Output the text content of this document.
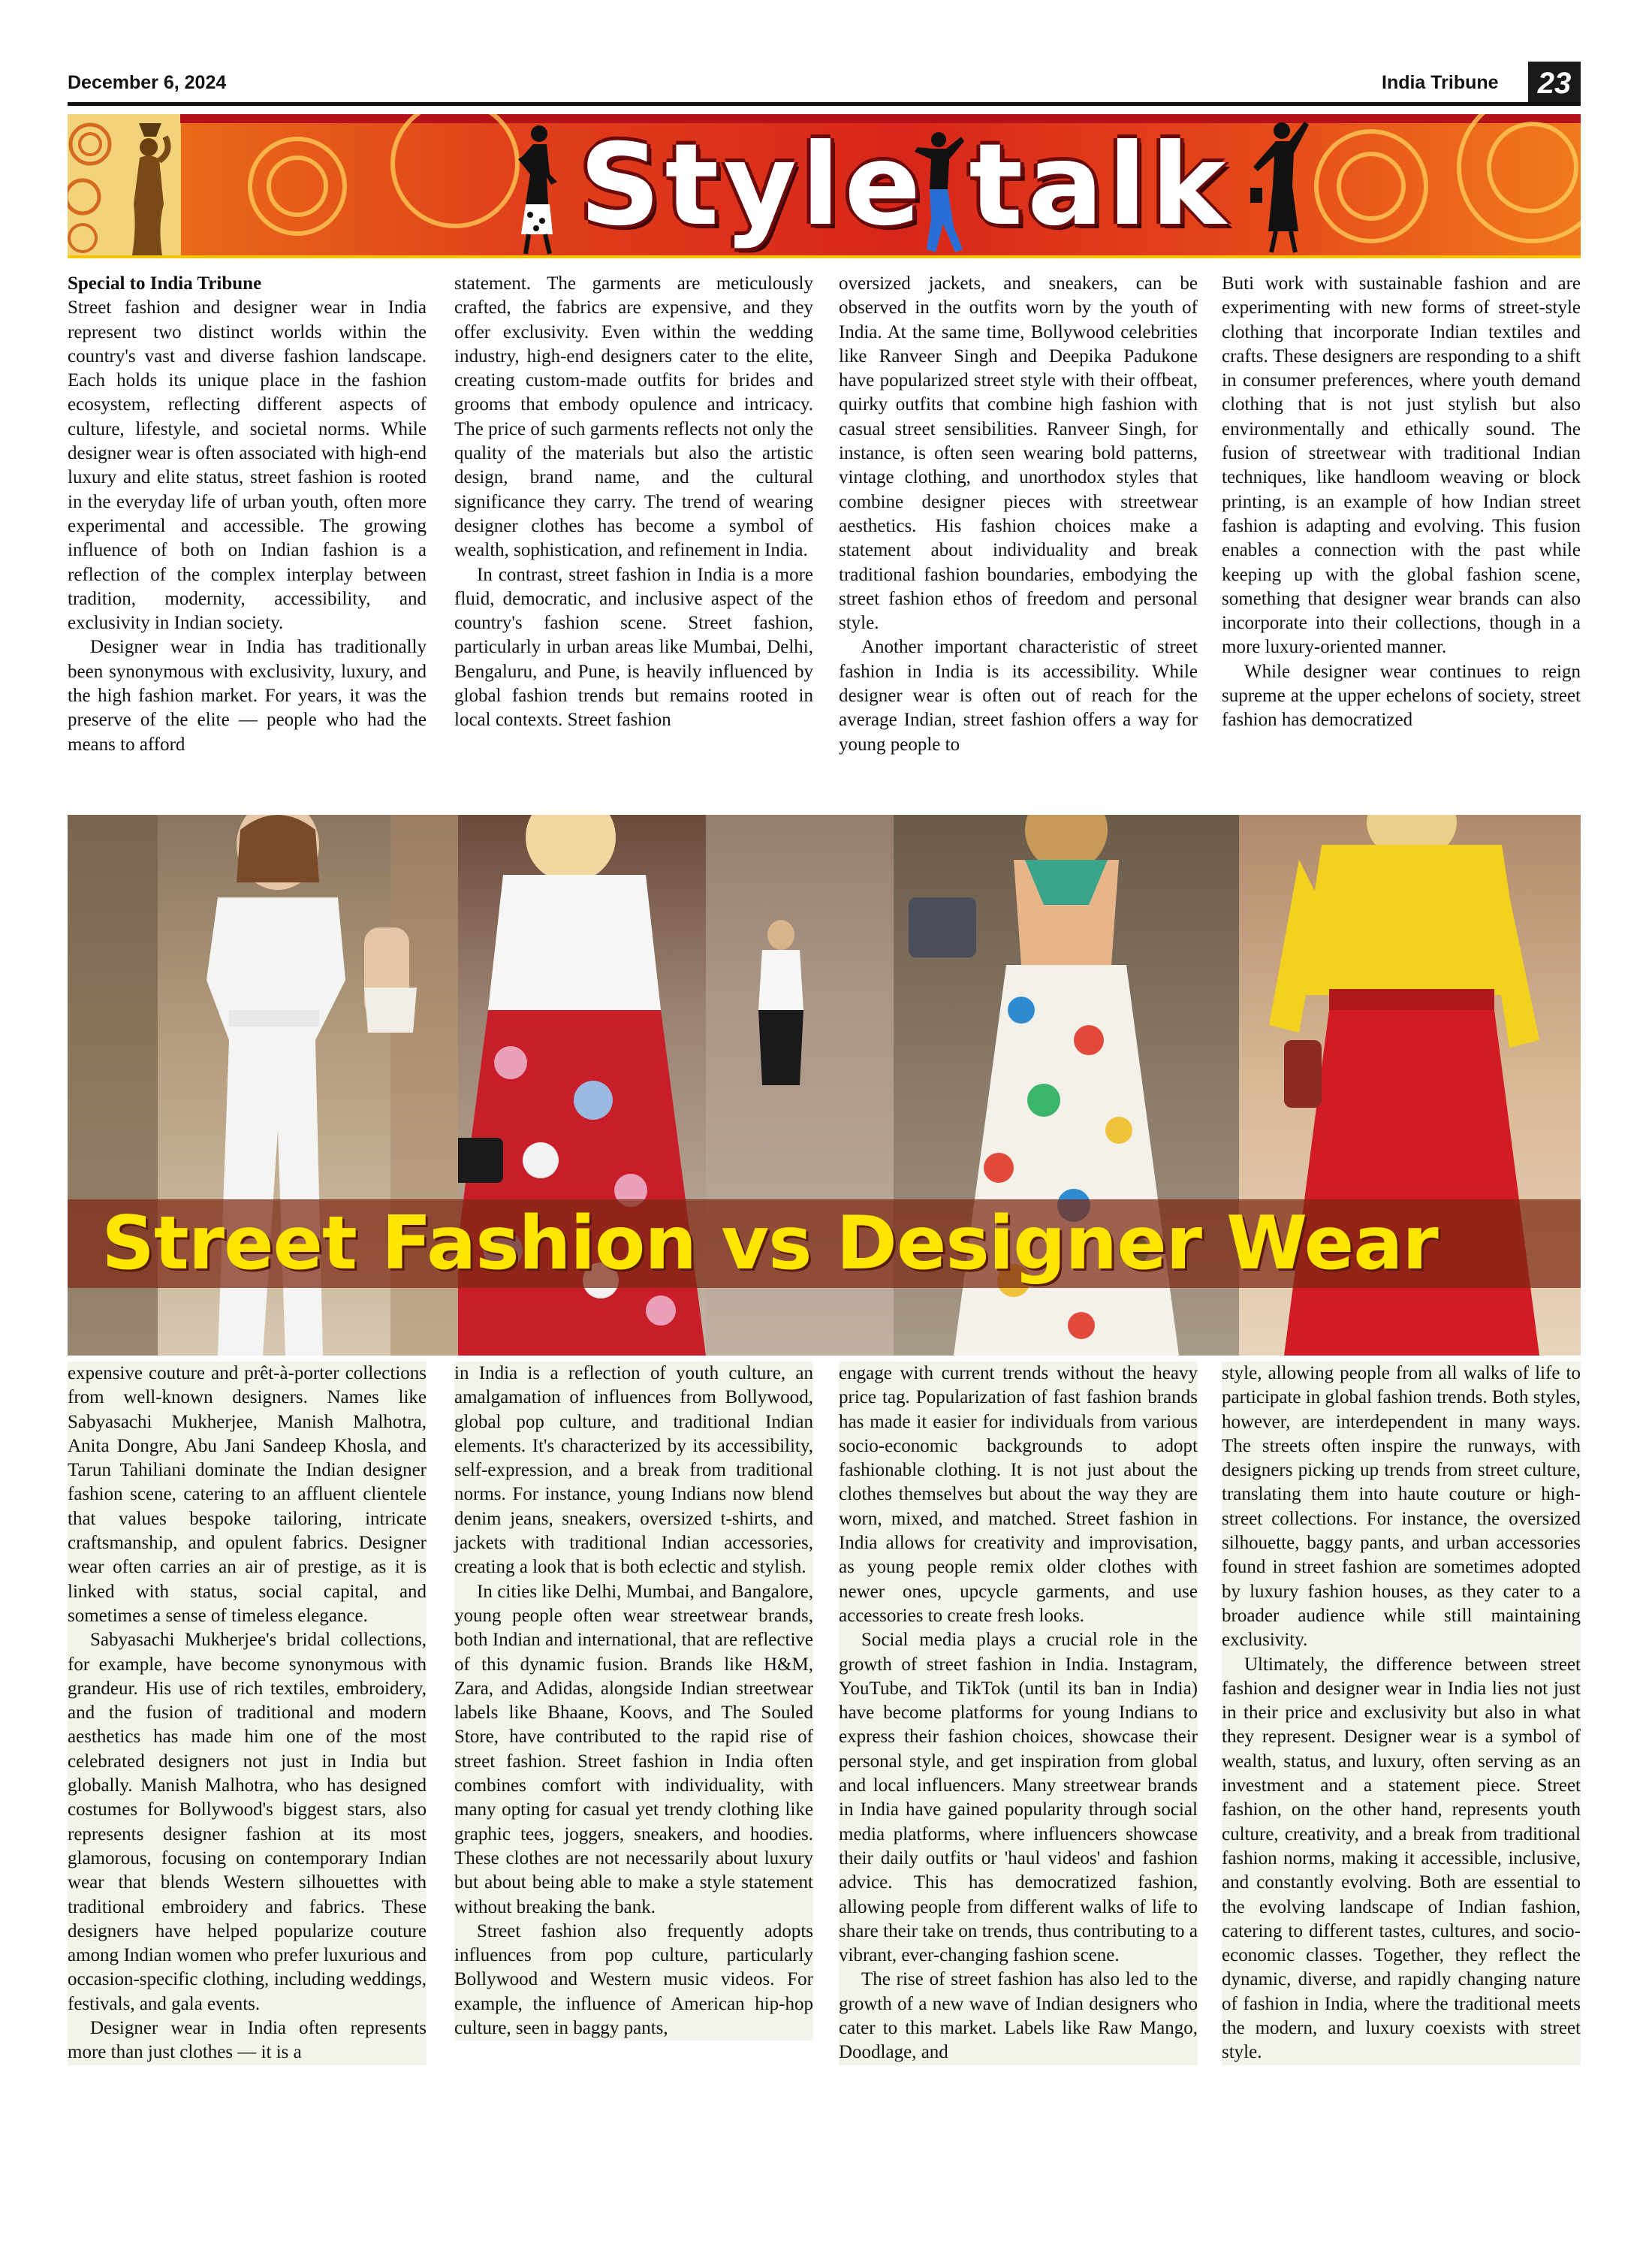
December 6, 2024	India Tribune	23
Style talk

Special to India Tribune

Street fashion and designer wear in India represent two distinct worlds within the country's vast and diverse fashion landscape. Each holds its unique place in the fashion ecosystem, reflecting different aspects of culture, lifestyle, and societal norms. While designer wear is often associated with high-end luxury and elite status, street fashion is rooted in the everyday life of urban youth, often more experimental and accessible. The growing influence of both on Indian fashion is a reflection of the complex interplay between tradition, modernity, accessibility, and exclusivity in Indian society.

Designer wear in India has traditionally been synonymous with exclusivity, luxury, and the high fashion market. For years, it was the preserve of the elite — people who had the means to afford

statement. The garments are meticulously crafted, the fabrics are expensive, and they offer exclusivity. Even within the wedding industry, high-end designers cater to the elite, creating custom-made outfits for brides and grooms that embody opulence and intricacy. The price of such garments reflects not only the quality of the materials but also the artistic design, brand name, and the cultural significance they carry. The trend of wearing designer clothes has become a symbol of wealth, sophistication, and refinement in India.

In contrast, street fashion in India is a more fluid, democratic, and inclusive aspect of the country's fashion scene. Street fashion, particularly in urban areas like Mumbai, Delhi, Bengaluru, and Pune, is heavily influenced by global fashion trends but remains rooted in local contexts. Street fashion

oversized jackets, and sneakers, can be observed in the outfits worn by the youth of India. At the same time, Bollywood celebrities like Ranveer Singh and Deepika Padukone have popularized street style with their offbeat, quirky outfits that combine high fashion with casual street sensibilities. Ranveer Singh, for instance, is often seen wearing bold patterns, vintage clothing, and unorthodox styles that combine designer pieces with streetwear aesthetics. His fashion choices make a statement about individuality and break traditional fashion boundaries, embodying the street fashion ethos of freedom and personal style.

Another important characteristic of street fashion in India is its accessibility. While designer wear is often out of reach for the average Indian, street fashion offers a way for young people to

Buti work with sustainable fashion and are experimenting with new forms of street-style clothing that incorporate Indian textiles and crafts. These designers are responding to a shift in consumer preferences, where youth demand clothing that is not just stylish but also environmentally and ethically sound. The fusion of streetwear with traditional Indian techniques, like handloom weaving or block printing, is an example of how Indian street fashion is adapting and evolving. This fusion enables a connection with the past while keeping up with the global fashion scene, something that designer wear brands can also incorporate into their collections, though in a more luxury-oriented manner.

While designer wear continues to reign supreme at the upper echelons of society, street fashion has democratized

Street Fashion vs Designer Wear

expensive couture and prêt-à-porter collections from well-known designers. Names like Sabyasachi Mukherjee, Manish Malhotra, Anita Dongre, Abu Jani Sandeep Khosla, and Tarun Tahiliani dominate the Indian designer fashion scene, catering to an affluent clientele that values bespoke tailoring, intricate craftsmanship, and opulent fabrics. Designer wear often carries an air of prestige, as it is linked with status, social capital, and sometimes a sense of timeless elegance.

Sabyasachi Mukherjee's bridal collections, for example, have become synonymous with grandeur. His use of rich textiles, embroidery, and the fusion of traditional and modern aesthetics has made him one of the most celebrated designers not just in India but globally. Manish Malhotra, who has designed costumes for Bollywood's biggest stars, also represents designer fashion at its most glamorous, focusing on contemporary Indian wear that blends Western silhouettes with traditional embroidery and fabrics. These designers have helped popularize couture among Indian women who prefer luxurious and occasion-specific clothing, including weddings, festivals, and gala events.

Designer wear in India often represents more than just clothes — it is a

in India is a reflection of youth culture, an amalgamation of influences from Bollywood, global pop culture, and traditional Indian elements. It's characterized by its accessibility, self-expression, and a break from traditional norms. For instance, young Indians now blend denim jeans, sneakers, oversized t-shirts, and jackets with traditional Indian accessories, creating a look that is both eclectic and stylish.

In cities like Delhi, Mumbai, and Bangalore, young people often wear streetwear brands, both Indian and international, that are reflective of this dynamic fusion. Brands like H&M, Zara, and Adidas, alongside Indian streetwear labels like Bhaane, Koovs, and The Souled Store, have contributed to the rapid rise of street fashion. Street fashion in India often combines comfort with individuality, with many opting for casual yet trendy clothing like graphic tees, joggers, sneakers, and hoodies. These clothes are not necessarily about luxury but about being able to make a style statement without breaking the bank.

Street fashion also frequently adopts influences from pop culture, particularly Bollywood and Western music videos. For example, the influence of American hip-hop culture, seen in baggy pants,

engage with current trends without the heavy price tag. Popularization of fast fashion brands has made it easier for individuals from various socio-economic backgrounds to adopt fashionable clothing. It is not just about the clothes themselves but about the way they are worn, mixed, and matched. Street fashion in India allows for creativity and improvisation, as young people remix older clothes with newer ones, upcycle garments, and use accessories to create fresh looks.

Social media plays a crucial role in the growth of street fashion in India. Instagram, YouTube, and TikTok (until its ban in India) have become platforms for young Indians to express their fashion choices, showcase their personal style, and get inspiration from global and local influencers. Many streetwear brands in India have gained popularity through social media platforms, where influencers showcase their daily outfits or 'haul videos' and fashion advice. This has democratized fashion, allowing people from different walks of life to share their take on trends, thus contributing to a vibrant, ever-changing fashion scene.

The rise of street fashion has also led to the growth of a new wave of Indian designers who cater to this market. Labels like Raw Mango, Doodlage, and

style, allowing people from all walks of life to participate in global fashion trends. Both styles, however, are interdependent in many ways. The streets often inspire the runways, with designers picking up trends from street culture, translating them into haute couture or high-street collections. For instance, the oversized silhouette, baggy pants, and urban accessories found in street fashion are sometimes adopted by luxury fashion houses, as they cater to a broader audience while still maintaining exclusivity.

Ultimately, the difference between street fashion and designer wear in India lies not just in their price and exclusivity but also in what they represent. Designer wear is a symbol of wealth, status, and luxury, often serving as an investment and a statement piece. Street fashion, on the other hand, represents youth culture, creativity, and a break from traditional fashion norms, making it accessible, inclusive, and constantly evolving. Both are essential to the evolving landscape of Indian fashion, catering to different tastes, cultures, and socio-economic classes. Together, they reflect the dynamic, diverse, and rapidly changing nature of fashion in India, where the traditional meets the modern, and luxury coexists with street style.
